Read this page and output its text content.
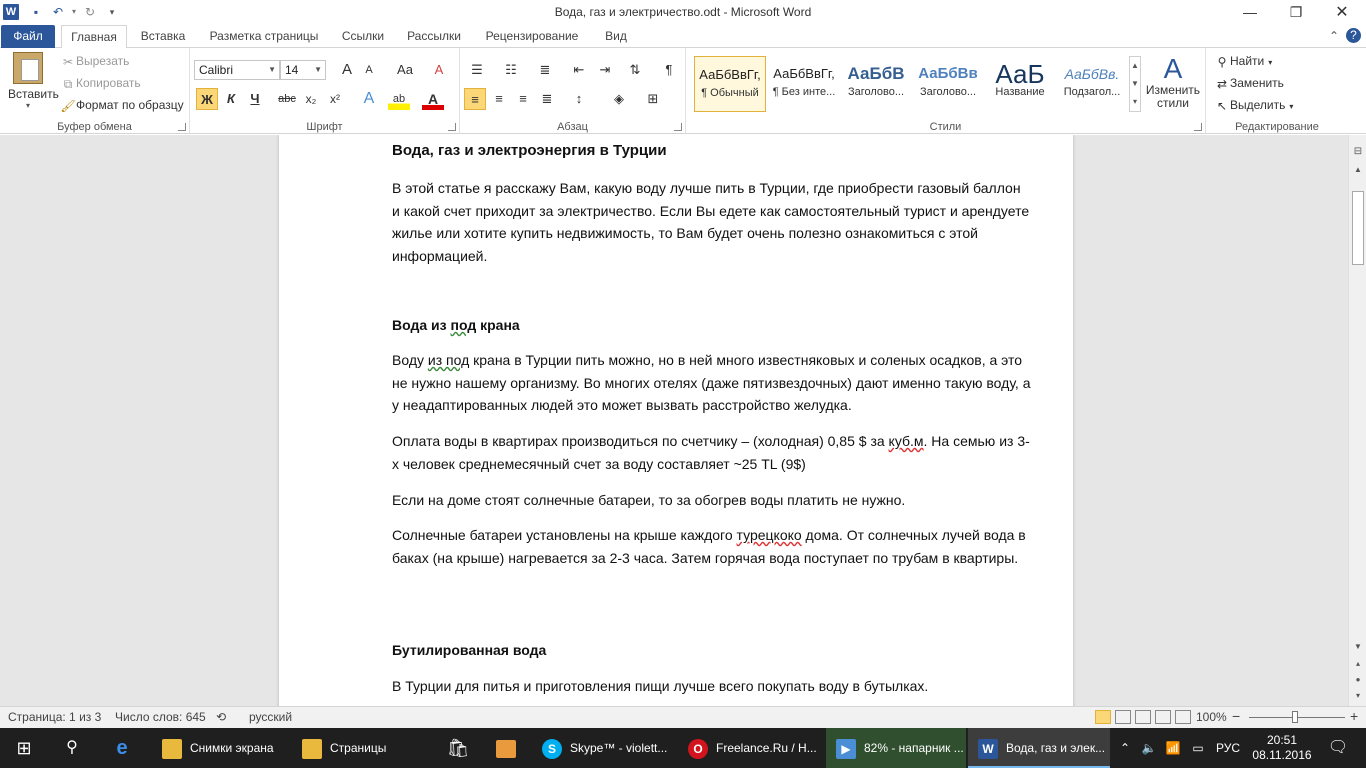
W	▪	↶	▾ ↻	▾	Вода, газ и электричество.odt - Microsoft Word	—	❐	✕
Файл	Главная	Вставка	Разметка страницы	Ссылки	Рассылки	Рецензирование	Вид	⌃ ?
Вставить
▾
✂ Вырезать
⧉ Копировать
🖌Формат по образцу
Буфер обмена
Calibri	▼ 14 ▼	A	A	Aa	A
Ж	К	Ч	abc x₂	x²	A	ab	A
Шрифт
☰	☷	≣	⇤	⇥	⇅	¶
≡	≡	≡	≣	↕	◈	⊞
Абзац
АаБбВвГг,
¶ Обычный
АаБбВвГг,
¶ Без инте...
АаБбВ
Заголово...
АаБбВв
Заголово...
АаБ
Название
АаБбВв.
Подзагол...
▲
▼
▾
A
Изменить стили
Стили
⚲ Найти ▾
⇄ Заменить
↖ Выделить ▾
Редактирование
Вода, газ и электроэнергия в Турции
В этой статье я расскажу Вам, какую воду лучше пить в Турции, где приобрести газовый баллон и какой счет приходит за электричество. Если Вы едете как самостоятельный турист и арендуете жилье или хотите купить недвижимость, то Вам будет очень полезно ознакомиться с этой информацией.
Вода из под крана
Воду из под крана в Турции пить можно, но в ней много известняковых и соленых осадков, а это не нужно нашему организму. Во многих отелях (даже пятизвездочных) дают именно такую воду, а у неадаптированных людей это может вызвать расстройство желудка.
Оплата воды в квартирах производиться по счетчику – (холодная) 0,85 $ за куб.м. На семью из 3-х человек среднемесячный счет за воду составляет ~25 TL (9$)
Если на доме стоят солнечные батареи, то за обогрев воды платить не нужно.
Солнечные батареи установлены на крыше каждого турецкоко дома. От солнечных лучей вода в баках (на крыше) нагревается за 2-3 часа. Затем горячая вода поступает по трубам в квартиры.
Бутилированная вода
В Турции для питья и приготовления пищи лучше всего покупать воду в бутылках.
⊟
▲
▼
▴
●
▾
Страница: 1 из 3 Число слов: 645 ⟲ русский	100% −	+
⊞	⚲	e	Снимки экрана	Страницы	🛍	S Skype™ - violett...	O Freelance.Ru / Н...	▶ 82% - напарник ...	W Вода, газ и элек...	⌃ 🔈 📶 ▭	РУС
20:51
08.11.2016	🗨
